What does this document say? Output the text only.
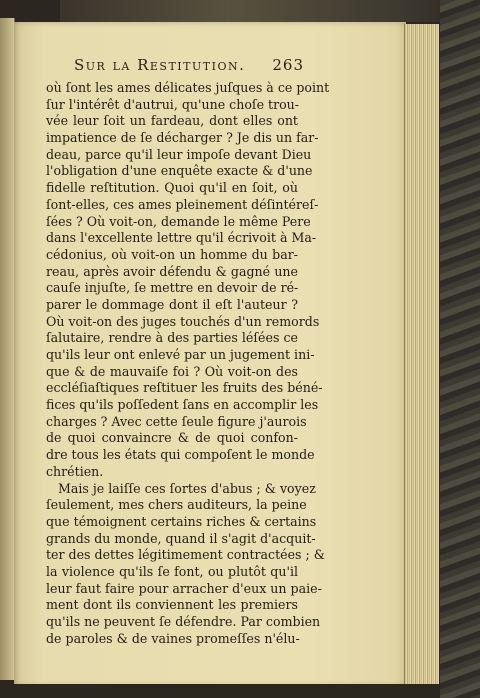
Sur la Restitution. 263
où ſont les ames délicates juſques à ce point
ſur l'intérêt d'autrui, qu'une choſe trou-
vée leur ſoit un fardeau, dont elles ont
impatience de ſe décharger ? Je dis un far-
deau, parce qu'il leur impoſe devant Dieu
l'obligation d'une enquête exacte & d'une
fidelle reſtitution. Quoi qu'il en ſoit, où
ſont-elles, ces ames pleinement déſintéreſ-
ſées ? Où voit-on, demande le même Pere
dans l'excellente lettre qu'il écrivoit à Ma-
cédonius, où voit-on un homme du bar-
reau, après avoir défendu & gagné une
cauſe injuſte, ſe mettre en devoir de ré-
parer le dommage dont il eſt l'auteur ?
Où voit-on des juges touchés d'un remords
ſalutaire, rendre à des parties léſées ce
qu'ils leur ont enlevé par un jugement ini-
que & de mauvaiſe foi ? Où voit-on des
eccléſiaſtiques reſtituer les fruits des béné-
fices qu'ils poſſedent ſans en accomplir les
charges ? Avec cette ſeule figure j'aurois
de quoi convaincre & de quoi confon-
dre tous les états qui compoſent le monde
chrétien.
Mais je laiſſe ces ſortes d'abus ; & voyez
ſeulement, mes chers auditeurs, la peine
que témoignent certains riches & certains
grands du monde, quand il s'agit d'acquit-
ter des dettes légitimement contractées ; &
la violence qu'ils ſe font, ou plutôt qu'il
leur faut faire pour arracher d'eux un paie-
ment dont ils conviennent les premiers
qu'ils ne peuvent ſe défendre. Par combien
de paroles & de vaines promeſſes n'élu-
